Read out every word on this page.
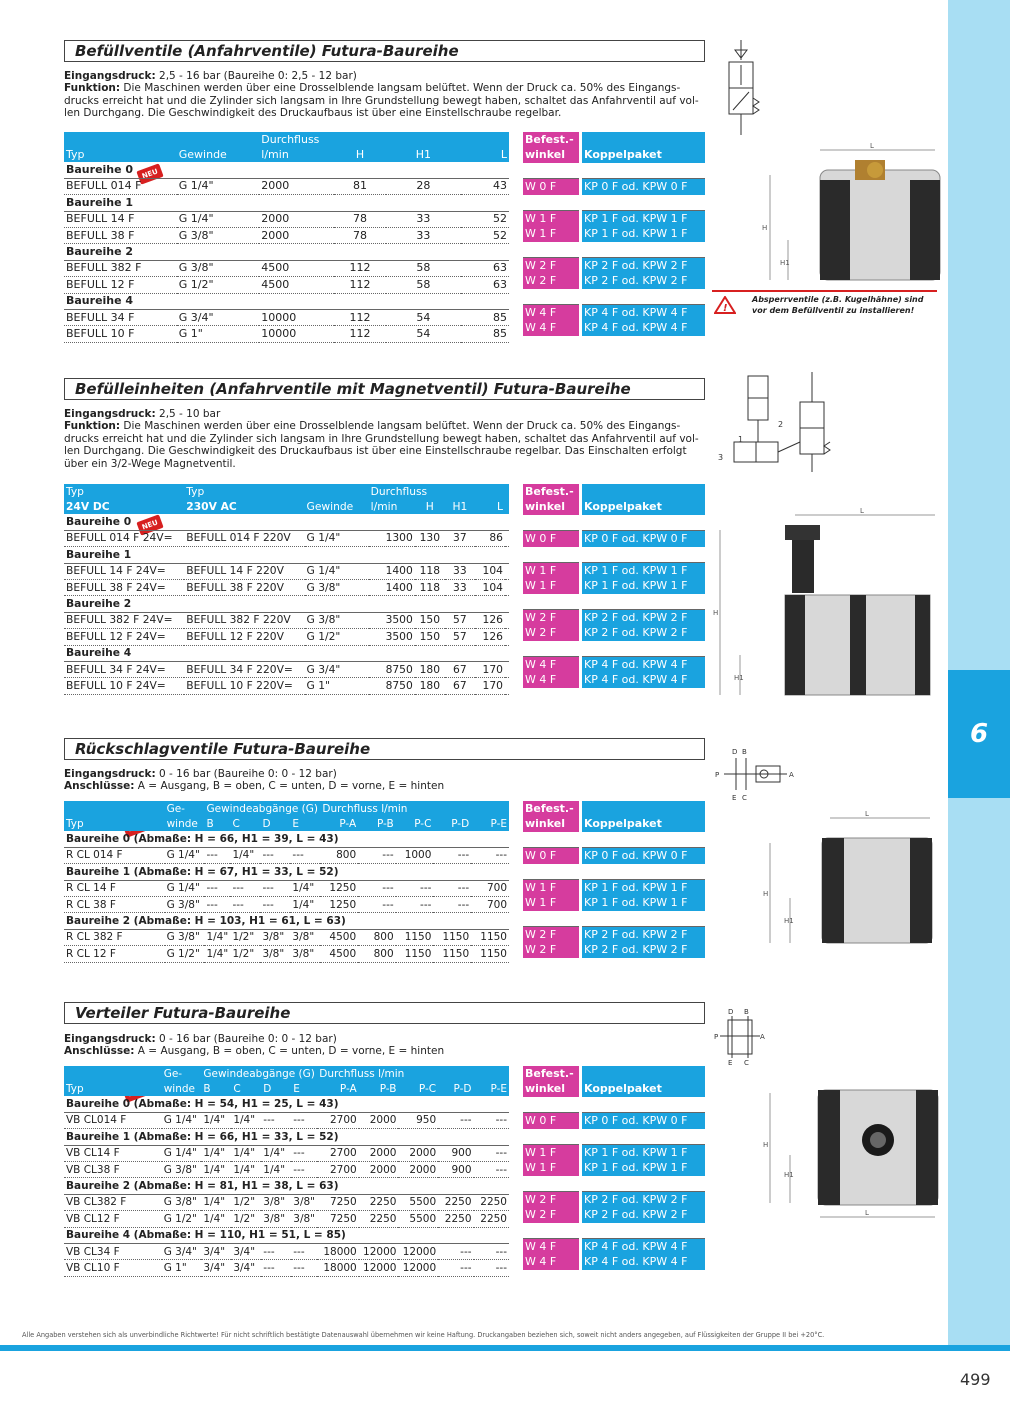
6
Alle Angaben verstehen sich als unverbindliche Richtwerte! Für nicht schriftlich bestätigte Datenauswahl übernehmen wir keine Haftung. Druckangaben beziehen sich, soweit nicht anders angegeben, auf Flüssigkeiten der Gruppe II bei +20°C.
499
Befüllventile (Anfahrventile) Futura-Baureihe
Eingangsdruck: 2,5 - 16 bar (Baureihe 0: 2,5 - 12 bar)
Funktion: Die Maschinen werden über eine Drosselblende langsam belüftet. Wenn der Druck ca. 50% des Eingangs- drucks erreicht hat und die Zylinder sich langsam in Ihre Grundstellung bewegt haben, schaltet das Anfahrventil auf vol- len Durchgang. Die Geschwindigkeit des Druckaufbaus ist über eine Einstellschraube regelbar.
NEU
		Durchfluss			
Typ	Gewinde	l/min	H	H1	L
Baureihe 0					
BEFULL 014 F	G 1/4"	2000	81	28	43
Baureihe 1					
BEFULL 14 F	G 1/4"	2000	78	33	52
BEFULL 38 F	G 3/8"	2000	78	33	52
Baureihe 2					
BEFULL 382 F	G 3/8"	4500	112	58	63
BEFULL 12 F	G 1/2"	4500	112	58	63
Baureihe 4					
BEFULL 34 F	G 3/4"	10000	112	54	85
BEFULL 10 F	G 1"	10000	112	54	85
Befest.-	
winkel	Koppelpaket

W 0 F	KP 0 F od. KPW 0 F

W 1 F	KP 1 F od. KPW 1 F
W 1 F	KP 1 F od. KPW 1 F

W 2 F	KP 2 F od. KPW 2 F
W 2 F	KP 2 F od. KPW 2 F

W 4 F	KP 4 F od. KPW 4 F
W 4 F	KP 4 F od. KPW 4 F
L
H
H1
!
Absperrventile (z.B. Kugelhähne) sind vor dem Befüllventil zu installieren!
Befülleinheiten (Anfahrventile mit Magnetventil) Futura-Baureihe
Eingangsdruck: 2,5 - 10 bar
Funktion: Die Maschinen werden über eine Drosselblende langsam belüftet. Wenn der Druck ca. 50% des Eingangs- drucks erreicht hat und die Zylinder sich langsam in Ihre Grundstellung bewegt haben, schaltet das Anfahrventil auf vol- len Durchgang. Die Geschwindigkeit des Druckaufbaus ist über eine Einstellschraube regelbar. Das Einschalten erfolgt über ein 3/2-Wege Magnetventil.
NEU
Typ	Typ		Durchfluss				
24V DC	230V AC	Gewinde	l/min	H	H1	L	
Baureihe 0							
BEFULL 014 F 24V=	BEFULL 014 F 220V	G 1/4"	1300	130	37	86	
Baureihe 1							
BEFULL 14 F 24V=	BEFULL 14 F 220V	G 1/4"	1400	118	33	104	
BEFULL 38 F 24V=	BEFULL 38 F 220V	G 3/8"	1400	118	33	104	
Baureihe 2							
BEFULL 382 F 24V=	BEFULL 382 F 220V	G 3/8"	3500	150	57	126	
BEFULL 12 F 24V=	BEFULL 12 F 220V	G 1/2"	3500	150	57	126	
Baureihe 4							
BEFULL 34 F 24V=	BEFULL 34 F 220V=	G 3/4"	8750	180	67	170	
BEFULL 10 F 24V=	BEFULL 10 F 220V=	G 1"	8750	180	67	170	
Befest.-	
winkel	Koppelpaket

W 0 F	KP 0 F od. KPW 0 F

W 1 F	KP 1 F od. KPW 1 F
W 1 F	KP 1 F od. KPW 1 F

W 2 F	KP 2 F od. KPW 2 F
W 2 F	KP 2 F od. KPW 2 F

W 4 F	KP 4 F od. KPW 4 F
W 4 F	KP 4 F od. KPW 4 F
1
3
2
L
H
H1
Rückschlagventile Futura-Baureihe
Eingangsdruck: 0 - 16 bar (Baureihe 0: 0 - 12 bar)
Anschlüsse: A = Ausgang, B = oben, C = unten, D = vorne, E = hinten
	Ge-	Gewindeabgänge (G)				Durchfluss l/min				
Typ	winde	B	C	D	E	P-A	P-B	P-C	P-D	P-E
Baureihe 0 (Abmaße: H = 66, H1 = 39, L = 43)										
R CL 014 F	G 1/4"	---	1/4"	---	---	800	---	1000	---	---
Baureihe 1 (Abmaße: H = 67, H1 = 33, L = 52)										
R CL 14 F	G 1/4"	---	---	---	1/4"	1250	---	---	---	700
R CL 38 F	G 3/8"	---	---	---	1/4"	1250	---	---	---	700
Baureihe 2 (Abmaße: H = 103, H1 = 61, L = 63)										
R CL 382 F	G 3/8"	1/4"	1/2"	3/8"	3/8"	4500	800	1150	1150	1150
R CL 12 F	G 1/2"	1/4"	1/2"	3/8"	3/8"	4500	800	1150	1150	1150
Befest.-	
winkel	Koppelpaket

W 0 F	KP 0 F od. KPW 0 F

W 1 F	KP 1 F od. KPW 1 F
W 1 F	KP 1 F od. KPW 1 F

W 2 F	KP 2 F od. KPW 2 F
W 2 F	KP 2 F od. KPW 2 F
D B
P	A
E C
L
H
H1
Verteiler Futura-Baureihe
Eingangsdruck: 0 - 16 bar (Baureihe 0: 0 - 12 bar)
Anschlüsse: A = Ausgang, B = oben, C = unten, D = vorne, E = hinten
	Ge-	Gewindeabgänge (G)				Durchfluss l/min				
Typ	winde	B	C	D	E	P-A	P-B	P-C	P-D	P-E
Baureihe 0 (Abmaße: H = 54, H1 = 25, L = 43)										
VB CL014 F	G 1/4"	1/4"	1/4"	---	---	2700	2000	950	---	---
Baureihe 1 (Abmaße: H = 66, H1 = 33, L = 52)										
VB CL14 F	G 1/4"	1/4"	1/4"	1/4"	---	2700	2000	2000	900	---
VB CL38 F	G 3/8"	1/4"	1/4"	1/4"	---	2700	2000	2000	900	---
Baureihe 2 (Abmaße: H = 81, H1 = 38, L = 63)										
VB CL382 F	G 3/8"	1/4"	1/2"	3/8"	3/8"	7250	2250	5500	2250	2250
VB CL12 F	G 1/2"	1/4"	1/2"	3/8"	3/8"	7250	2250	5500	2250	2250
Baureihe 4 (Abmaße: H = 110, H1 = 51, L = 85)										
VB CL34 F	G 3/4"	3/4"	3/4"	---	---	18000	12000	12000	---	---
VB CL10 F	G 1"	3/4"	3/4"	---	---	18000	12000	12000	---	---
Befest.-	
winkel	Koppelpaket

W 0 F	KP 0 F od. KPW 0 F

W 1 F	KP 1 F od. KPW 1 F
W 1 F	KP 1 F od. KPW 1 F

W 2 F	KP 2 F od. KPW 2 F
W 2 F	KP 2 F od. KPW 2 F

W 4 F	KP 4 F od. KPW 4 F
W 4 F	KP 4 F od. KPW 4 F
D B
P	A
E C
H
H1
L
